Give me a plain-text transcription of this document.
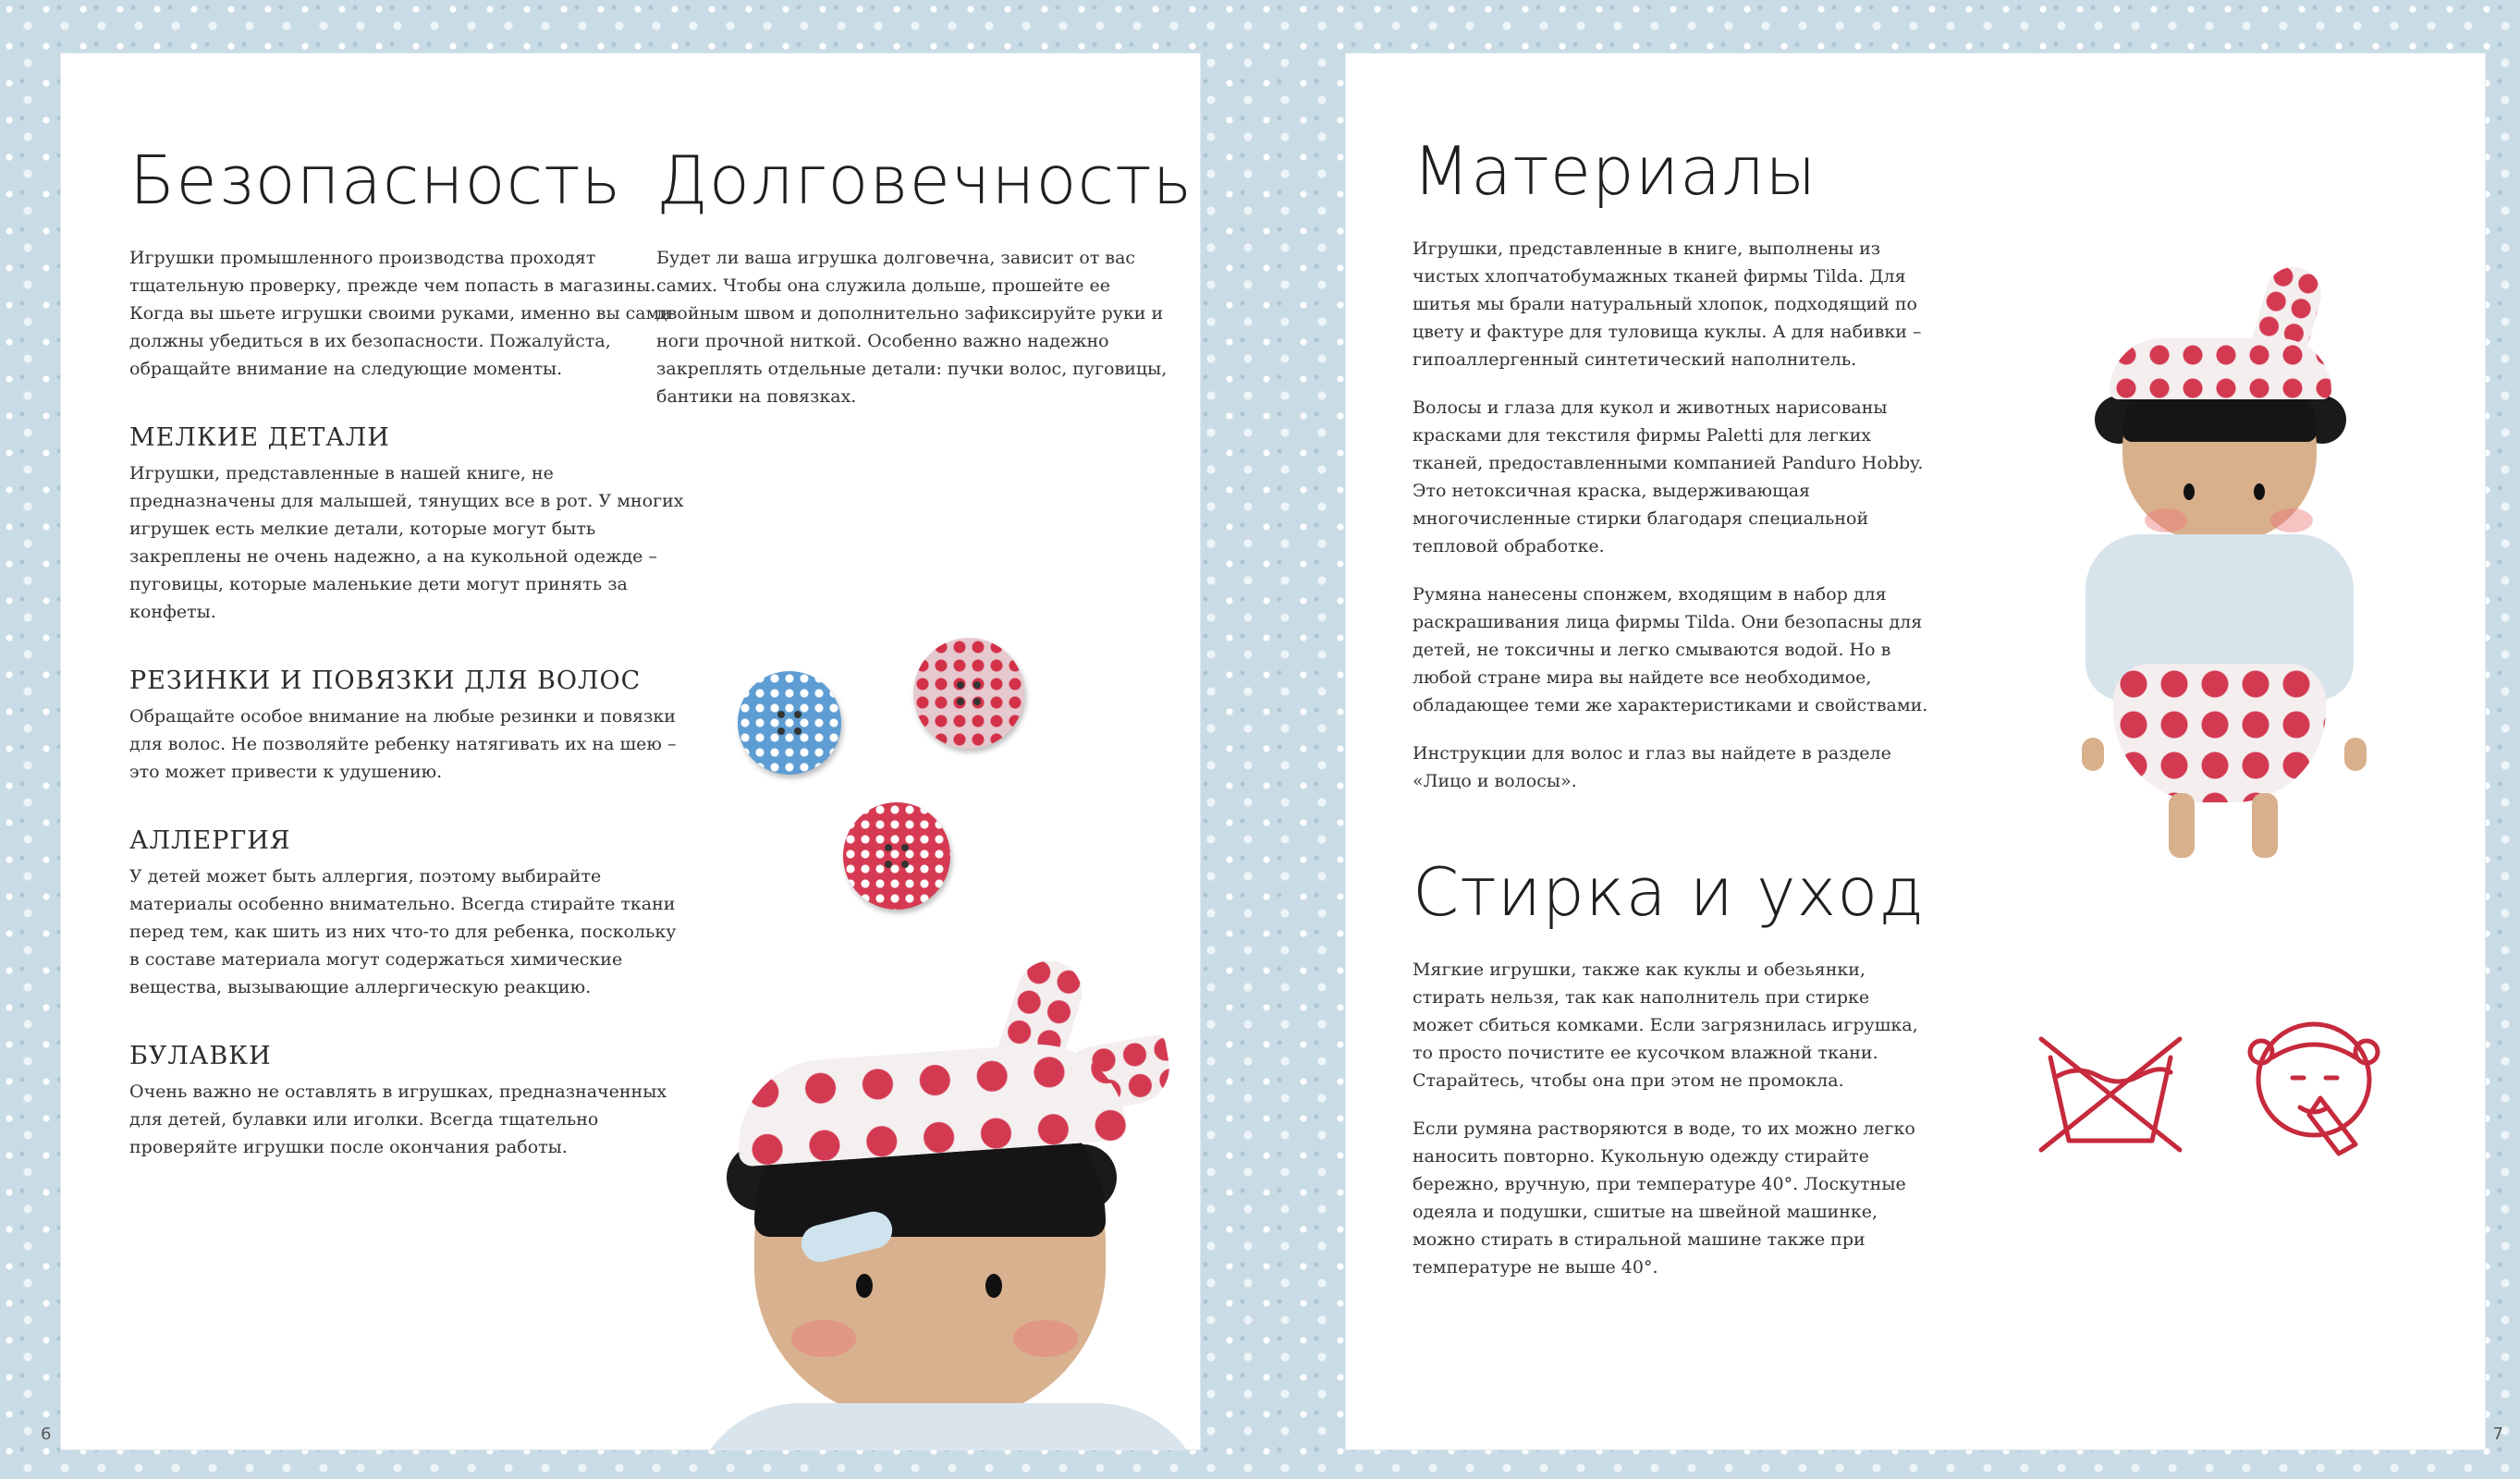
Безопасность

Игрушки промышленного производства проходят тщательную проверку, прежде чем попасть в магазины. Когда вы шьете игрушки своими руками, именно вы сами должны убедиться в их безопасности. Пожалуйста, обращайте внимание на следующие моменты.

МЕЛКИЕ ДЕТАЛИ

Игрушки, представленные в нашей книге, не предназначены для малышей, тянущих все в рот. У многих игрушек есть мелкие детали, которые могут быть закреплены не очень надежно, а на кукольной одежде – пуговицы, которые маленькие дети могут принять за конфеты.

РЕЗИНКИ И ПОВЯЗКИ ДЛЯ ВОЛОС

Обращайте особое внимание на любые резинки и повязки для волос. Не позволяйте ребенку натягивать их на шею – это может привести к удушению.

АЛЛЕРГИЯ

У детей может быть аллергия, поэтому выбирайте материалы особенно внимательно. Всегда стирайте ткани перед тем, как шить из них что-то для ребенка, поскольку в составе материала могут содержаться химические вещества, вызывающие аллергическую реакцию.

БУЛАВКИ

Очень важно не оставлять в игрушках, предназначенных для детей, булавки или иголки. Всегда тщательно проверяйте игрушки после окончания работы.

Долговечность

Будет ли ваша игрушка долговечна, зависит от вас самих. Чтобы она служила дольше, прошейте ее двойным швом и дополнительно зафиксируйте руки и ноги прочной ниткой. Особенно важно надежно закреплять отдельные детали: пучки волос, пуговицы, бантики на повязках.

6
Материалы

Игрушки, представленные в книге, выполнены из чистых хлопчатобумажных тканей фирмы Tilda. Для шитья мы брали натуральный хлопок, подходящий по цвету и фактуре для туловища куклы. А для набивки – гипоаллергенный синтетический наполнитель.

Волосы и глаза для кукол и животных нарисованы красками для текстиля фирмы Paletti для легких тканей, предоставленными компанией Panduro Hobby. Это нетоксичная краска, выдерживающая многочисленные стирки благодаря специальной тепловой обработке.

Румяна нанесены спонжем, входящим в набор для раскрашивания лица фирмы Tilda. Они безопасны для детей, не токсичны и легко смываются водой. Но в любой стране мира вы найдете все необходимое, обладающее теми же характеристиками и свойствами.

Инструкции для волос и глаз вы найдете в разделе «Лицо и волосы».

Стирка и уход

Мягкие игрушки, также как куклы и обезьянки, стирать нельзя, так как наполнитель при стирке может сбиться комками. Если загрязнилась игрушка, то просто почистите ее кусочком влажной ткани. Старайтесь, чтобы она при этом не промокла.

Если румяна растворяются в воде, то их можно легко наносить повторно. Кукольную одежду стирайте бережно, вручную, при температуре 40°. Лоскутные одеяла и подушки, сшитые на швейной машинке, можно стирать в стиральной машине также при температуре не выше 40°.

7
